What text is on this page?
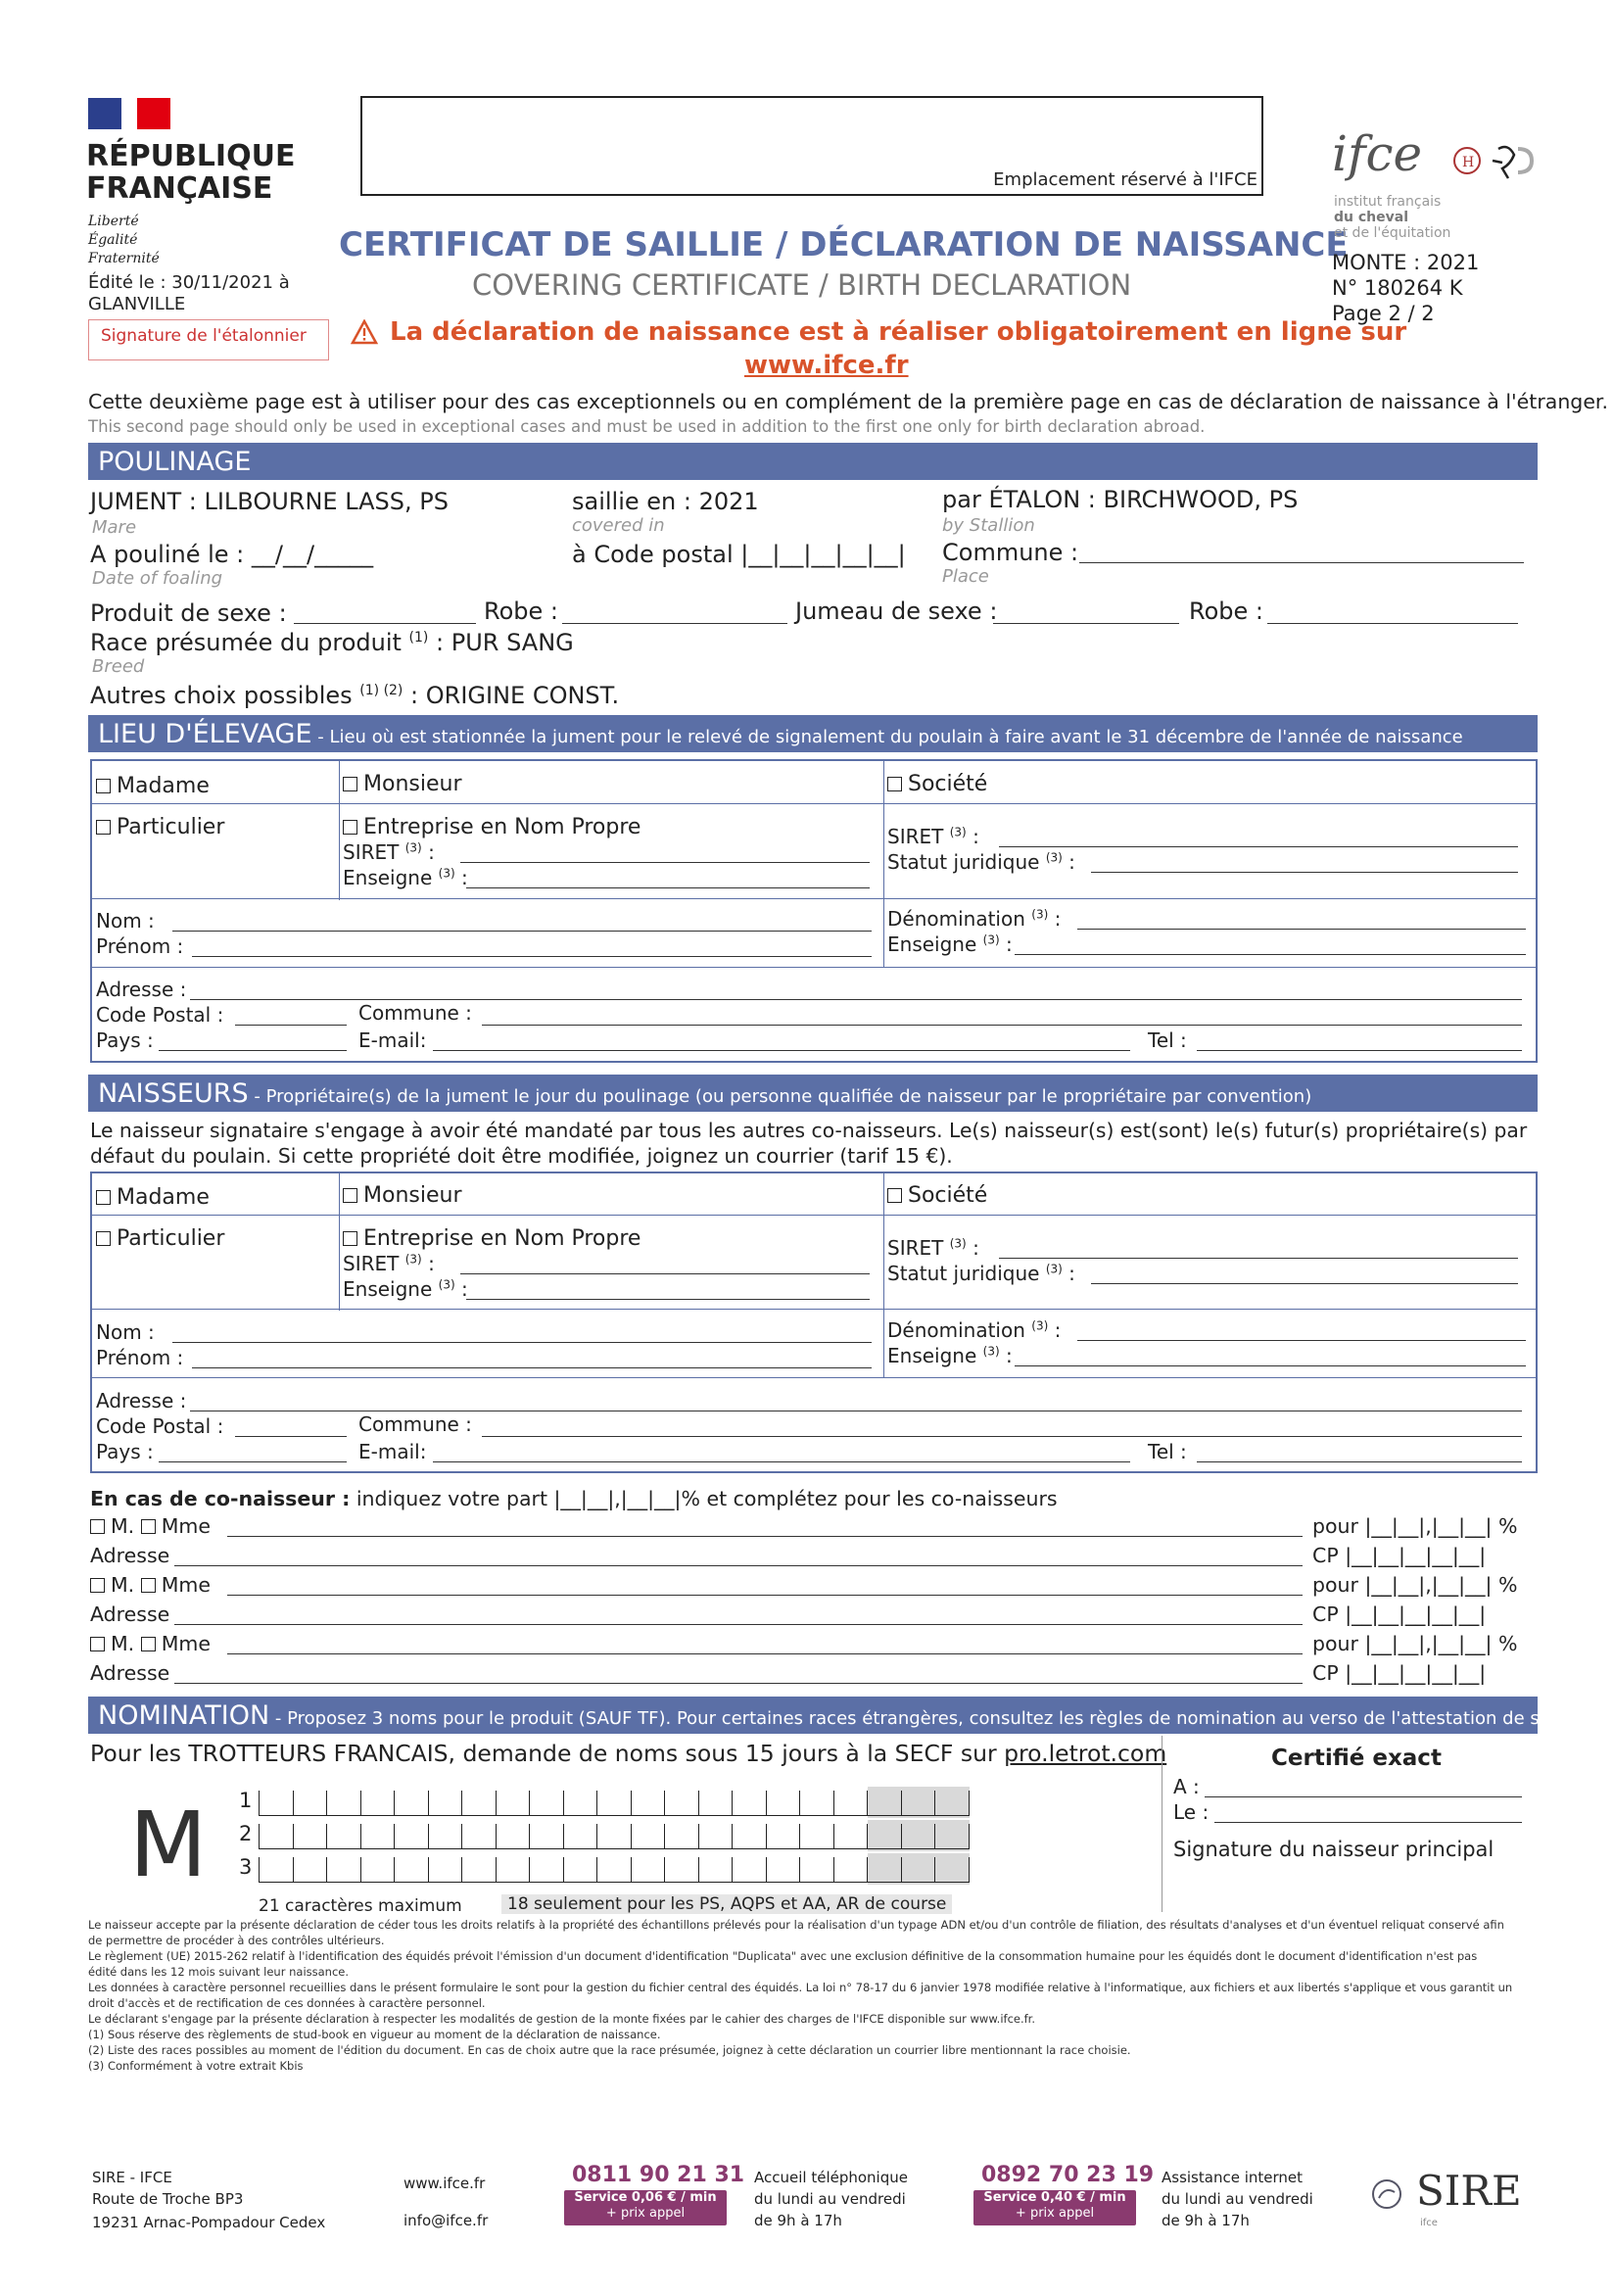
RÉPUBLIQUE
FRANÇAISE
Liberté
Égalité
Fraternité
Édité le : 30/11/2021 à
GLANVILLE
Signature de l'étalonnier
Emplacement réservé à l'IFCE
CERTIFICAT DE SAILLIE / DÉCLARATION DE NAISSANCE
COVERING CERTIFICATE / BIRTH DECLARATION
La déclaration de naissance est à réaliser obligatoirement en ligne sur
www.ifce.fr
ifce	H
institut français
du cheval
et de l'équitation
MONTE : 2021
N° 180264 K
Page 2 / 2
Cette deuxième page est à utiliser pour des cas exceptionnels ou en complément de la première page en cas de déclaration de naissance à l'étranger.
This second page should only be used in exceptional cases and must be used in addition to the first one only for birth declaration abroad.
POULINAGE
JUMENT : LILBOURNE LASS, PS
Mare
saillie en : 2021
covered in
par ÉTALON : BIRCHWOOD, PS
by Stallion
A pouliné le : __/__/_____
Date of foaling
à Code postal |__|__|__|__|__| Commune :
Place
Produit de sexe :	Robe :	Jumeau de sexe :	Robe :
Race présumée du produit $^{(1)}$ : PUR SANG
Breed
Autres choix possibles $^{(1) (2)}$ : ORIGINE CONST.
LIEU D'ÉLEVAGE - Lieu où est stationnée la jument pour le relevé de signalement du poulain à faire avant le 31 décembre de l'année de naissance
Madame	Monsieur	Société
Particulier	Entreprise en Nom Propre
SIRET $^{(3)}$ :
Enseigne $^{(3)}$ :
SIRET $^{(3)}$ :
Statut juridique $^{(3)}$ :
Nom :
Prénom :
Dénomination $^{(3)}$ :
Enseigne $^{(3)}$ :
Adresse :
Code Postal :	Commune :
Pays :	E-mail:	Tel :
NAISSEURS - Propriétaire(s) de la jument le jour du poulinage (ou personne qualifiée de naisseur par le propriétaire par convention)
Le naisseur signataire s'engage à avoir été mandaté par tous les autres co-naisseurs. Le(s) naisseur(s) est(sont) le(s) futur(s) propriétaire(s) par
défaut du poulain. Si cette propriété doit être modifiée, joignez un courrier (tarif 15 €).
Madame	Monsieur	Société
Particulier	Entreprise en Nom Propre
SIRET $^{(3)}$ :
Enseigne $^{(3)}$ :
SIRET $^{(3)}$ :
Statut juridique $^{(3)}$ :
Nom :
Prénom :
Dénomination $^{(3)}$ :
Enseigne $^{(3)}$ :
Adresse :
Code Postal :	Commune :
Pays :	E-mail:	Tel :
En cas de co-naisseur : indiquez votre part |__|__|,|__|__|% et complétez pour les co-naisseurs
M. Mme	pour |__|__|,|__|__| %
Adresse	CP |__|__|__|__|__|
M. Mme	pour |__|__|,|__|__| %
Adresse	CP |__|__|__|__|__|
M. Mme	pour |__|__|,|__|__| %
Adresse	CP |__|__|__|__|__|
NOMINATION - Proposez 3 noms pour le produit (SAUF TF). Pour certaines races étrangères, consultez les règles de nomination au verso de l'attestation de saillie
Pour les TROTTEURS FRANCAIS, demande de noms sous 15 jours à la SECF sur pro.letrot.com
M 1
2
3
21 caractères maximum	18 seulement pour les PS, AQPS et AA, AR de course
Certifié exact
A :
Le :
Signature du naisseur principal
Le naisseur accepte par la présente déclaration de céder tous les droits relatifs à la propriété des échantillons prélevés pour la réalisation d'un typage ADN et/ou d'un contrôle de filiation, des résultats d'analyses et d'un éventuel reliquat conservé afin
de permettre de procéder à des contrôles ultérieurs.
Le règlement (UE) 2015-262 relatif à l'identification des équidés prévoit l'émission d'un document d'identification "Duplicata" avec une exclusion définitive de la consommation humaine pour les équidés dont le document d'identification n'est pas
édité dans les 12 mois suivant leur naissance.
Les données à caractère personnel recueillies dans le présent formulaire le sont pour la gestion du fichier central des équidés. La loi n° 78-17 du 6 janvier 1978 modifiée relative à l'informatique, aux fichiers et aux libertés s'applique et vous garantit un
droit d'accès et de rectification de ces données à caractère personnel.
Le déclarant s'engage par la présente déclaration à respecter les modalités de gestion de la monte fixées par le cahier des charges de l'IFCE disponible sur www.ifce.fr.
(1) Sous réserve des règlements de stud-book en vigueur au moment de la déclaration de naissance.
(2) Liste des races possibles au moment de l'édition du document. En cas de choix autre que la race présumée, joignez à cette déclaration un courrier libre mentionnant la race choisie.
(3) Conformément à votre extrait Kbis
SIRE - IFCE
Route de Troche BP3
19231 Arnac-Pompadour Cedex
www.ifce.fr
info@ifce.fr
0811 90 21 31
Service 0,06 € / min
+ prix appel
Accueil téléphonique
du lundi au vendredi
de 9h à 17h
0892 70 23 19
Service 0,40 € / min
+ prix appel
Assistance internet
du lundi au vendredi
de 9h à 17h
SIRE
ifce
